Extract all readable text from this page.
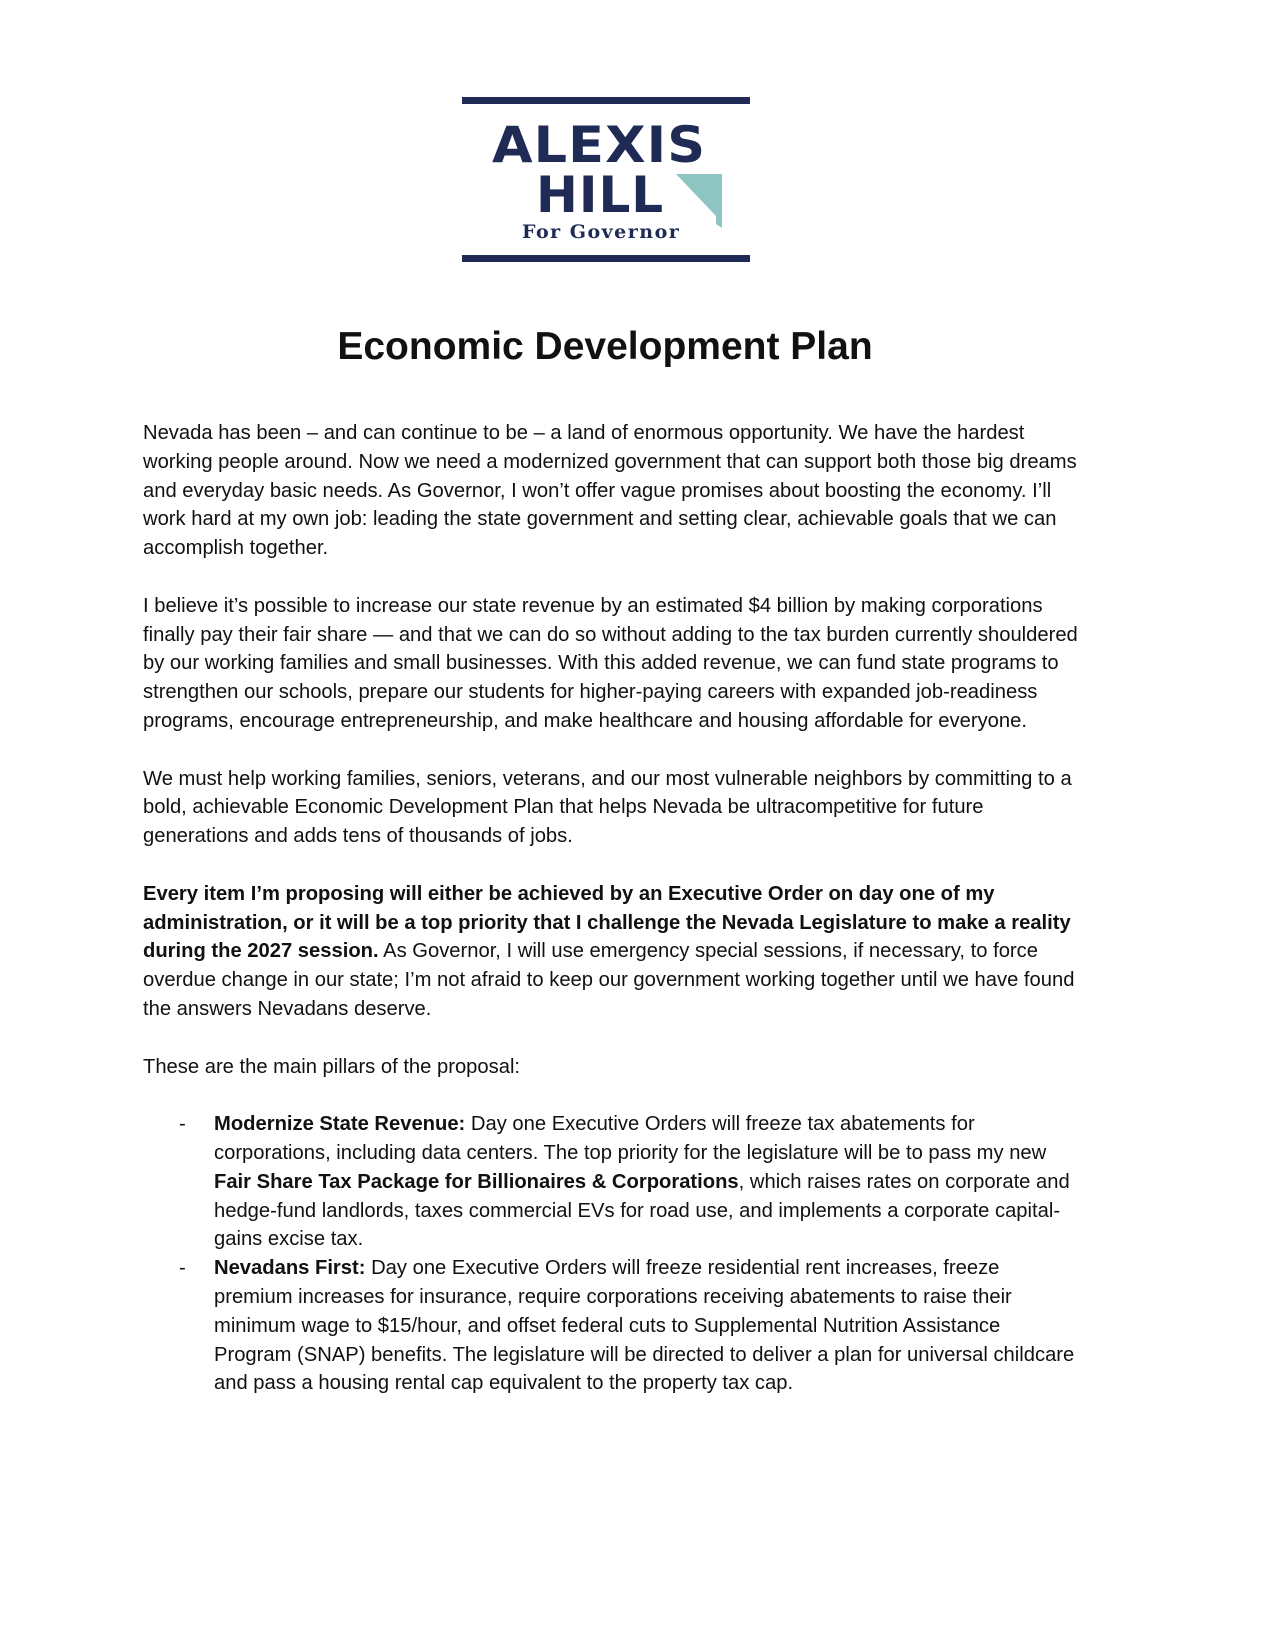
ALEXIS
HILL
For Governor
Economic Development Plan

Nevada has been – and can continue to be – a land of enormous opportunity. We have the hardest working people around. Now we need a modernized government that can support both those big dreams and everyday basic needs. As Governor, I won’t offer vague promises about boosting the economy. I’ll work hard at my own job: leading the state government and setting clear, achievable goals that we can accomplish together.

I believe it’s possible to increase our state revenue by an estimated $4 billion by making corporations finally pay their fair share — and that we can do so without adding to the tax burden currently shouldered by our working families and small businesses. With this added revenue, we can fund state programs to strengthen our schools, prepare our students for higher-paying careers with expanded job-readiness programs, encourage entrepreneurship, and make healthcare and housing affordable for everyone.

We must help working families, seniors, veterans, and our most vulnerable neighbors by committing to a bold, achievable Economic Development Plan that helps Nevada be ultracompetitive for future generations and adds tens of thousands of jobs.

Every item I’m proposing will either be achieved by an Executive Order on day one of my administration, or it will be a top priority that I challenge the Nevada Legislature to make a reality during the 2027 session. As Governor, I will use emergency special sessions, if necessary, to force overdue change in our state; I’m not afraid to keep our government working together until we have found the answers Nevadans deserve.

These are the main pillars of the proposal:

- Modernize State Revenue: Day one Executive Orders will freeze tax abatements for corporations, including data centers. The top priority for the legislature will be to pass my new Fair Share Tax Package for Billionaires & Corporations, which raises rates on corporate and hedge-fund landlords, taxes commercial EVs for road use, and implements a corporate capital-gains excise tax.
- Nevadans First: Day one Executive Orders will freeze residential rent increases, freeze premium increases for insurance, require corporations receiving abatements to raise their minimum wage to $15/hour, and offset federal cuts to Supplemental Nutrition Assistance Program (SNAP) benefits. The legislature will be directed to deliver a plan for universal childcare and pass a housing rental cap equivalent to the property tax cap.
